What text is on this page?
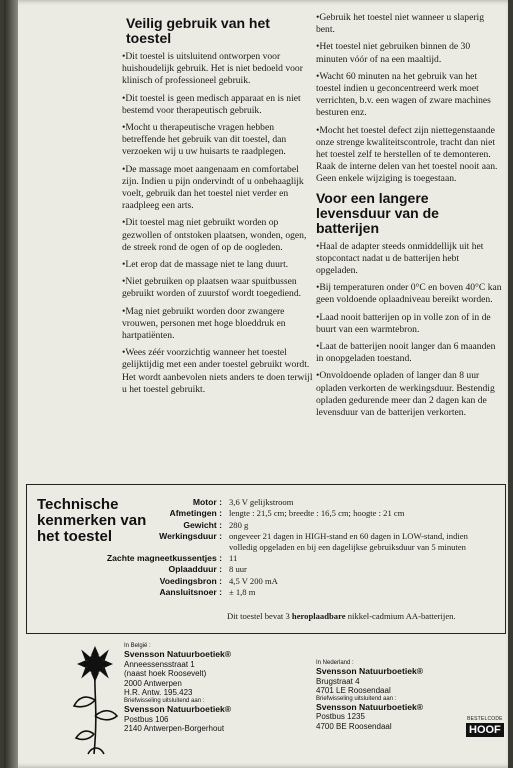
Veilig gebruik van het toestel
• Dit toestel is uitsluitend ontworpen voor huishoudelijk gebruik. Het is niet bedoeld voor klinisch of professioneel gebruik.
• Dit toestel is geen medisch apparaat en is niet bestemd voor therapeutisch gebruik.
• Mocht u therapeutische vragen hebben betreffende het gebruik van dit toestel, dan verzoeken wij u uw huisarts te raadplegen.
• De massage moet aangenaam en comfortabel zijn. Indien u pijn ondervindt of u onbehaaglijk voelt, gebruik dan het toestel niet verder en raadpleeg een arts.
• Dit toestel mag niet gebruikt worden op gezwollen of ontstoken plaatsen, wonden, ogen, de streek rond de ogen of op de oogleden.
• Let erop dat de massage niet te lang duurt.
• Niet gebruiken op plaatsen waar spuitbussen gebruikt worden of zuurstof wordt toegediend.
• Mag niet gebruikt worden door zwangere vrouwen, personen met hoge bloeddruk en hartpatiënten.
• Wees zéér voorzichtig wanneer het toestel gelijktijdig met een ander toestel gebruikt wordt. Het wordt aanbevolen niets anders te doen terwijl u het toestel gebruikt.
• Gebruik het toestel niet wanneer u slaperig bent.
• Het toestel niet gebruiken binnen de 30 minuten vóór of na een maaltijd.
• Wacht 60 minuten na het gebruik van het toestel indien u geconcentreerd werk moet verrichten, b.v. een wagen of zware machines besturen enz.
• Mocht het toestel defect zijn niettegenstaande onze strenge kwaliteitscontrole, tracht dan niet het toestel zelf te herstellen of te demonteren. Raak de interne delen van het toestel nooit aan. Geen enkele wijziging is toegestaan.
Voor een langere levensduur van de batterijen
• Haal de adapter steeds onmiddellijk uit het stopcontact nadat u de batterijen hebt opgeladen.
• Bij temperaturen onder 0°C en boven 40°C kan geen voldoende oplaadniveau bereikt worden.
• Laad nooit batterijen op in volle zon of in de buurt van een warmtebron.
• Laat de batterijen nooit langer dan 6 maanden in onopgeladen toestand.
• Onvoldoende opladen of langer dan 8 uur opladen verkorten de werkingsduur. Bestendig opladen gedurende meer dan 2 dagen kan de levensduur van de batterijen verkorten.
Technische kenmerken van het toestel
Motor : 3,6 V gelijkstroom
Afmetingen : lengte : 21,5 cm; breedte : 16,5 cm; hoogte : 21 cm
Gewicht : 280 g
Werkingsduur : ongeveer 21 dagen in HIGH-stand en 60 dagen in LOW-stand, indien volledig opgeladen en bij een dagelijkse gebruiksduur van 5 minuten
Zachte magneetkussentjes : 11
Oplaadduur : 8 uur
Voedingsbron : 4,5 V 200 mA
Aansluitsnoer : ± 1,8 m
Dit toestel bevat 3 heroplaadbare nikkel-cadmium AA-batterijen.
In België :
Svensson Natuurboetiek®
Anneessensstraat 1
(naast hoek Roosevelt)
2000 Antwerpen
H.R. Antw. 195.423
Briefwisseling uitsluitend aan :
Svensson Natuurboetiek®
Postbus 106
2140 Antwerpen-Borgerhout
In Nederland :
Svensson Natuurboetiek®
Brugstraat 4
4701 LE Roosendaal
Briefwisseling uitsluitend aan :
Svensson Natuurboetiek®
Postbus 1235
4700 BE Roosendaal
BESTELCODE
HOOF
